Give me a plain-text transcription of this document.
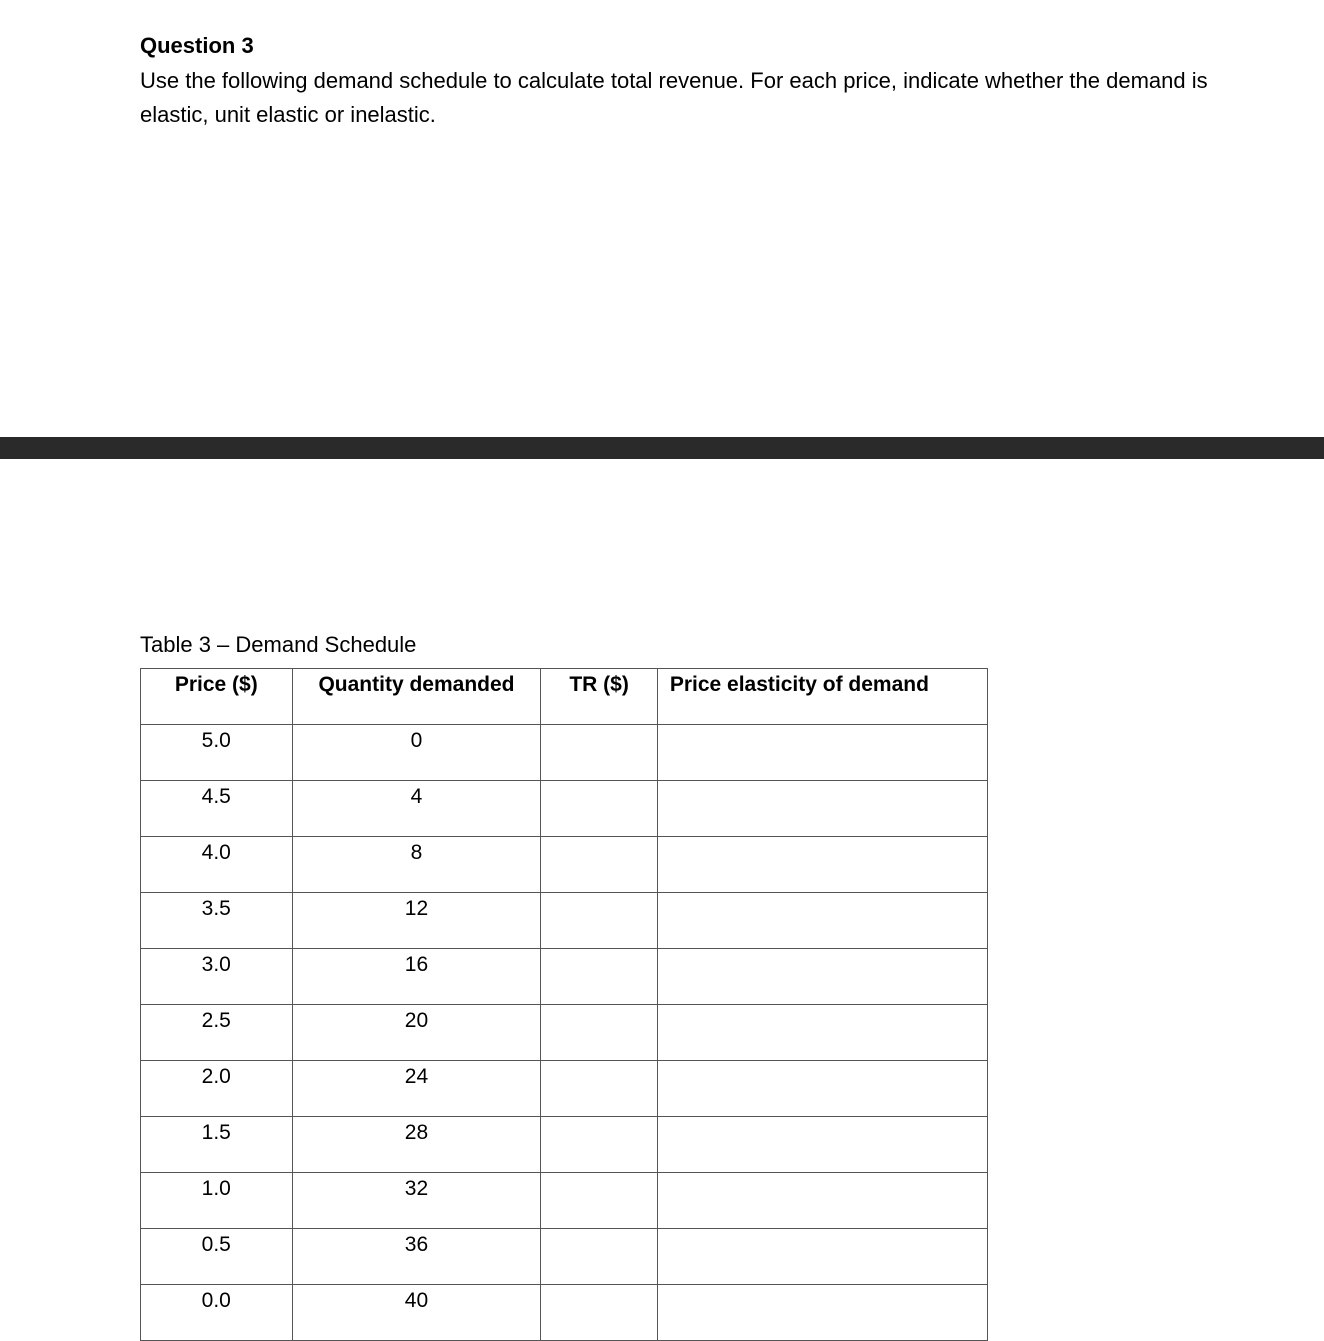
Question 3
Use the following demand schedule to calculate total revenue. For each price, indicate whether the demand is elastic, unit elastic or inelastic.
Table 3 – Demand Schedule
Price ($)	Quantity demanded	TR ($)	Price elasticity of demand
5.0	0		
4.5	4		
4.0	8		
3.5	12		
3.0	16		
2.5	20		
2.0	24		
1.5	28		
1.0	32		
0.5	36		
0.0	40		
